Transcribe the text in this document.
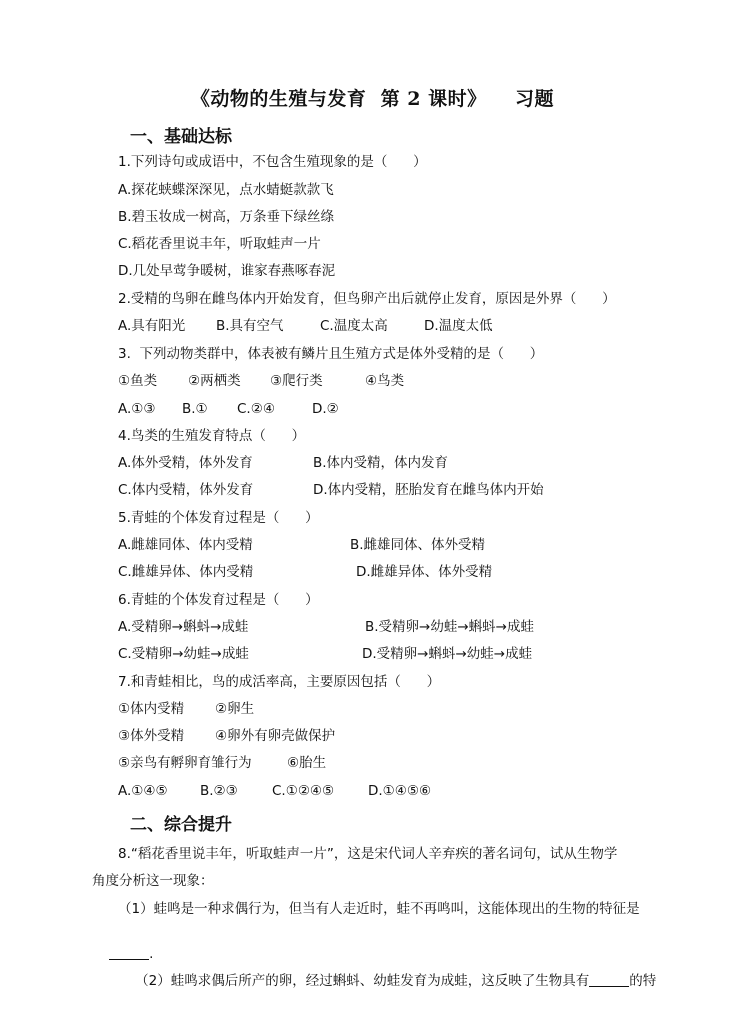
《动物的生殖与发育  第 2 课时》    习题
一、基础达标
1.下列诗句或成语中，不包含生殖现象的是（      ）
A.探花蛱蝶深深见，点水蜻蜓款款飞
B.碧玉妆成一树高，万条垂下绿丝绦
C.稻花香里说丰年，听取蛙声一片
D.几处早莺争暖树，谁家春燕啄春泥
2.受精的鸟卵在雌鸟体内开始发育，但鸟卵产出后就停止发育，原因是外界（      ）
A.具有阳光 B.具有空气	C.温度太高	D.温度太低
3.  下列动物类群中，体表被有鳞片且生殖方式是体外受精的是（      ）
①鱼类 ②两栖类 ③爬行类	④鸟类
A.①③ B.① C.②④	D.②
4.鸟类的生殖发育特点（      ）
A.体外受精，体外发育	B.体内受精，体内发育
C.体内受精，体外发育	D.体内受精，胚胎发育在雌鸟体内开始
5.青蛙的个体发育过程是（      ）
A.雌雄同体、体内受精	B.雌雄同体、体外受精
C.雌雄异体、体内受精	D.雌雄异体、体外受精
6.青蛙的个体发育过程是（      ）
A.受精卵→蝌蚪→成蛙	B.受精卵→幼蛙→蝌蚪→成蛙
C.受精卵→幼蛙→成蛙	D.受精卵→蝌蚪→幼蛙→成蛙
7.和青蛙相比，鸟的成活率高，主要原因包括（      ）
①体内受精 ②卵生
③体外受精 ④卵外有卵壳做保护
⑤亲鸟有孵卵育雏行为	⑥胎生
A.①④⑤ B.②③	C.①②④⑤	D.①④⑤⑥
二、综合提升
8.“稻花香里说丰年，听取蛙声一片”，这是宋代词人辛弃疾的著名词句，试从生物学
角度分析这一现象：
（1）蛙鸣是一种求偶行为，但当有人走近时，蛙不再鸣叫，这能体现出的生物的特征是

.

（2）蛙鸣求偶后所产的卵，经过蝌蚪、幼蛙发育为成蛙，这反映了生物具有	的特
